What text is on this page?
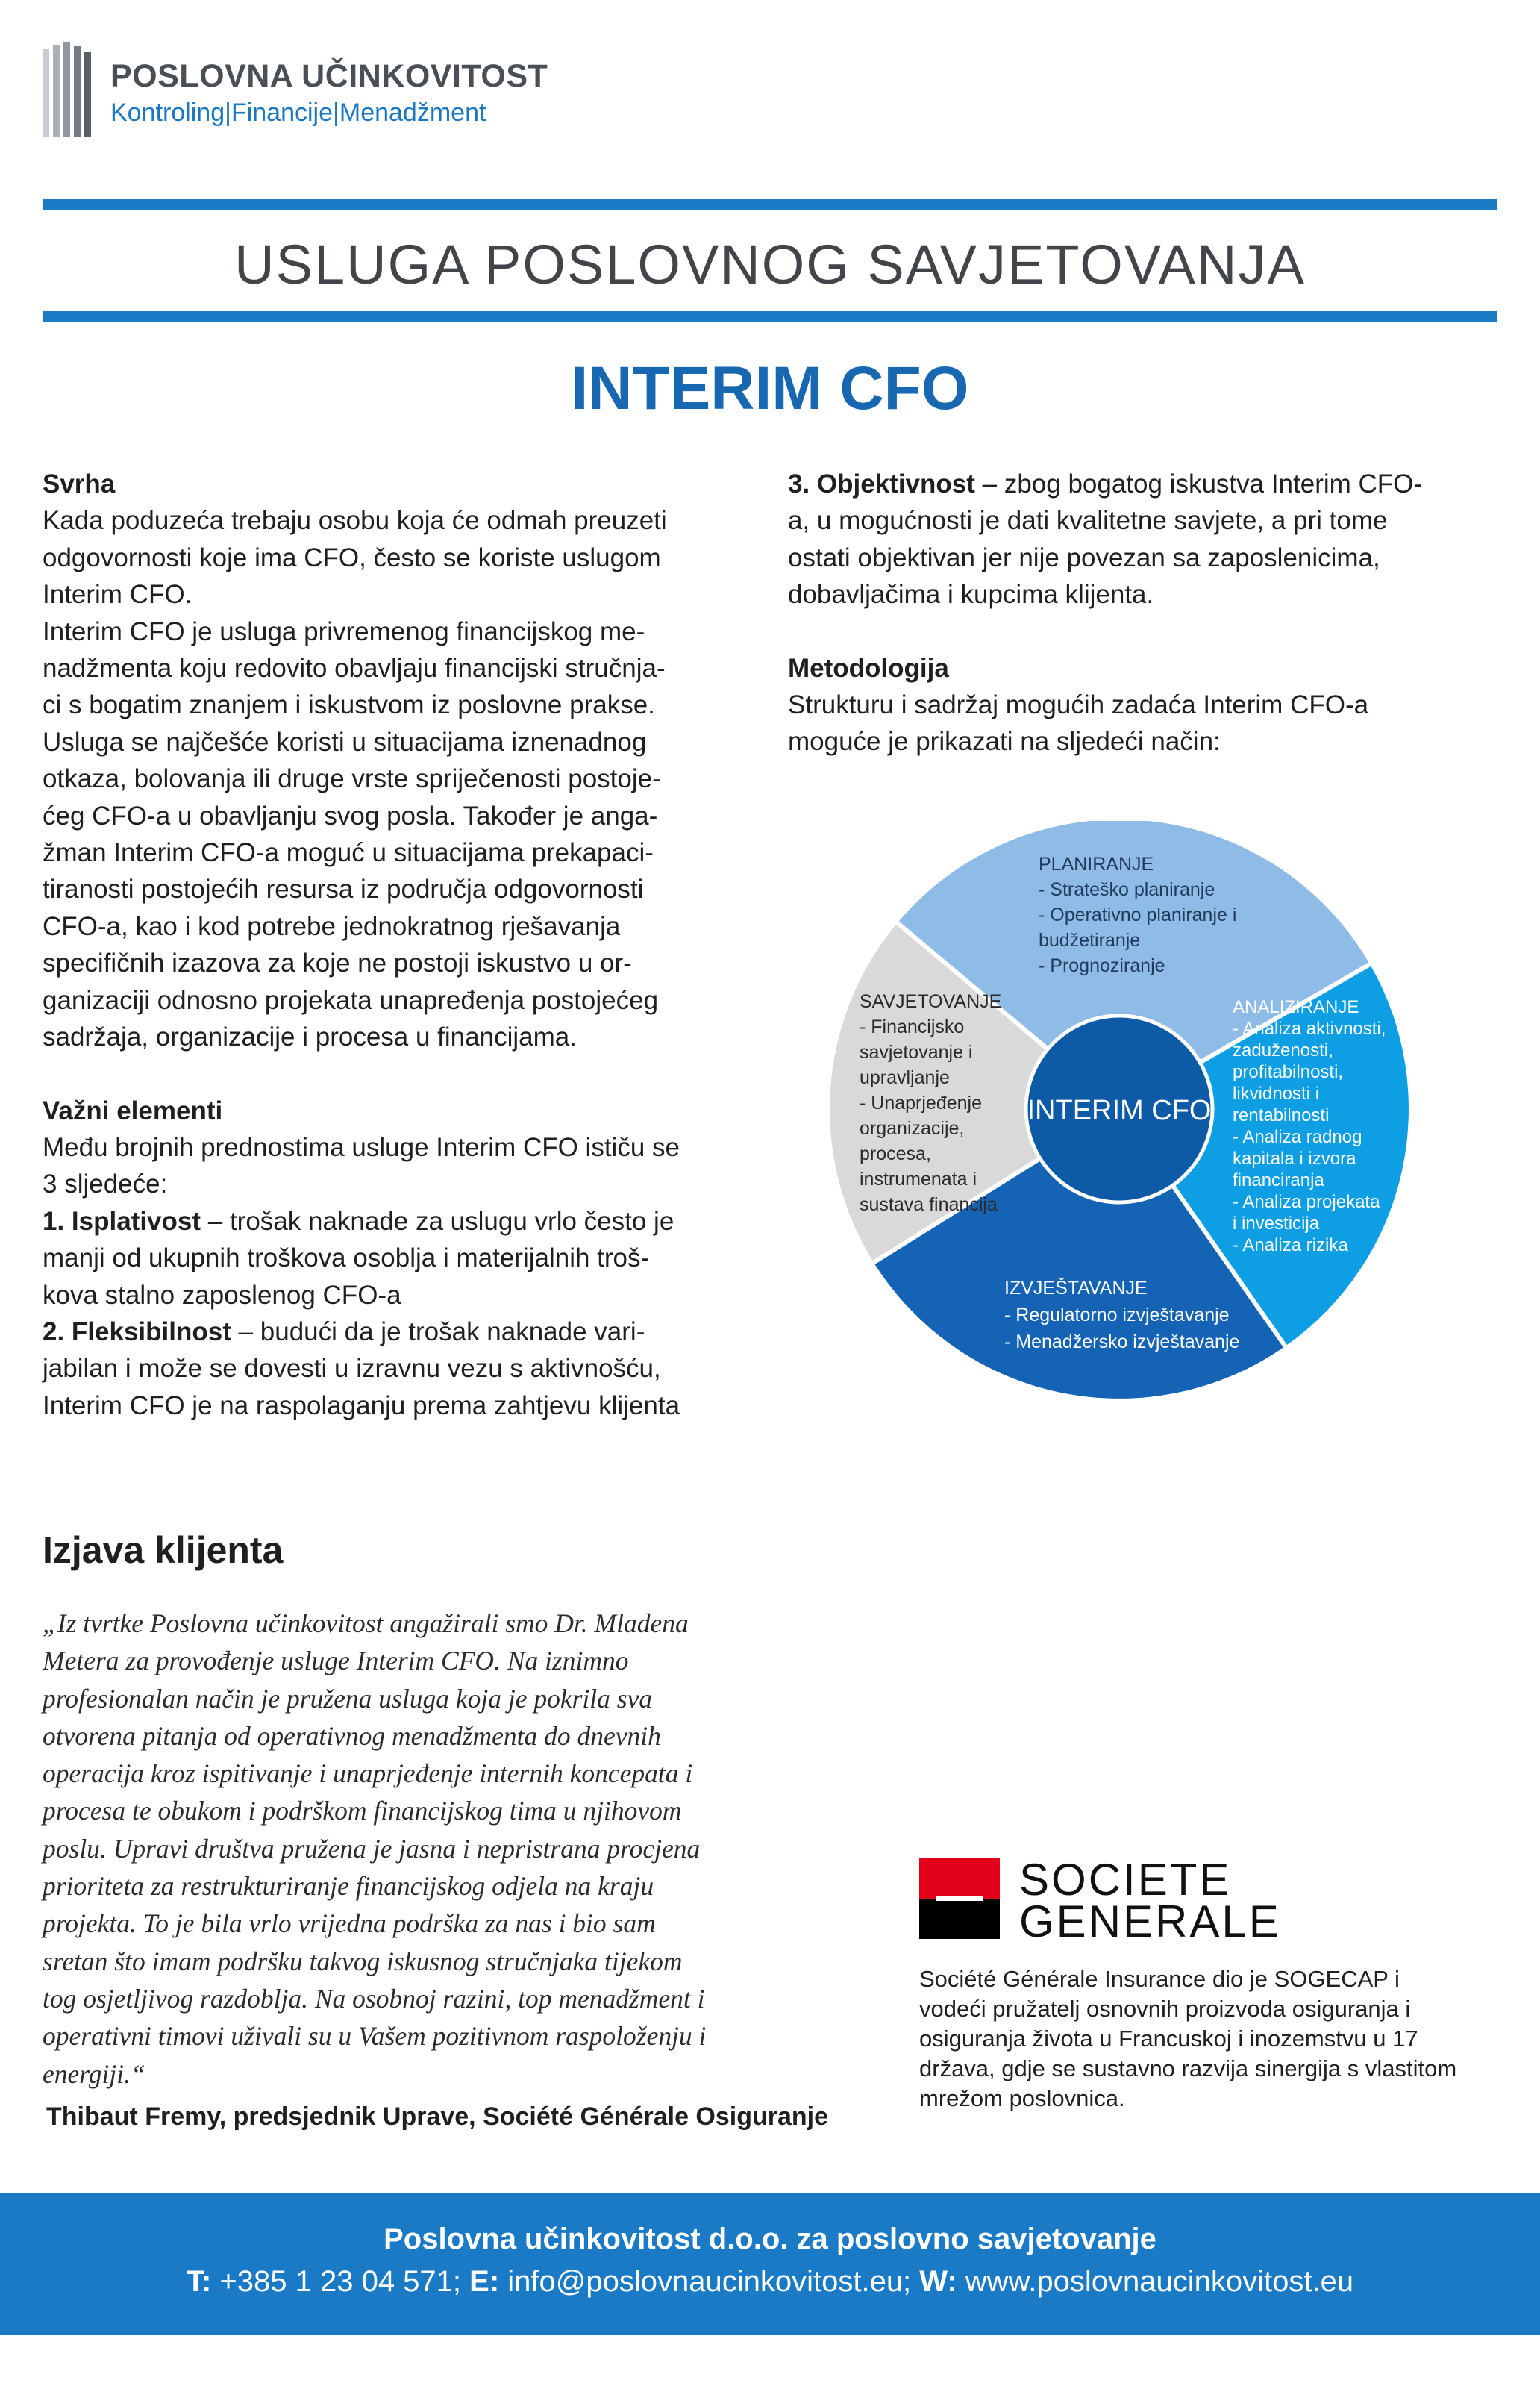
POSLOVNA UČINKOVITOST
Kontroling|Financije|Menadžment
USLUGA POSLOVNOG SAVJETOVANJA
INTERIM CFO
Svrha
Kada poduzeća trebaju osobu koja će odmah preuzeti
odgovornosti koje ima CFO, često se koriste uslugom
Interim CFO.
Interim CFO je usluga privremenog financijskog me-
nadžmenta koju redovito obavljaju financijski stručnja-
ci s bogatim znanjem i iskustvom iz poslovne prakse.
Usluga se najčešće koristi u situacijama iznenadnog
otkaza, bolovanja ili druge vrste spriječenosti postoje-
ćeg CFO-a u obavljanju svog posla. Također je anga-
žman Interim CFO-a moguć u situacijama prekapaci-
tiranosti postojećih resursa iz područja odgovornosti
CFO-a, kao i kod potrebe jednokratnog rješavanja
specifičnih izazova za koje ne postoji iskustvo u or-
ganizaciji odnosno projekata unapređenja postojećeg
sadržaja, organizacije i procesa u financijama.
Važni elementi
Među brojnih prednostima usluge Interim CFO ističu se
3 sljedeće:
1. Isplativost – trošak naknade za uslugu vrlo često je
manji od ukupnih troškova osoblja i materijalnih troš-
kova stalno zaposlenog CFO-a
2. Fleksibilnost – budući da je trošak naknade vari-
jabilan i može se dovesti u izravnu vezu s aktivnošću,
Interim CFO je na raspolaganju prema zahtjevu klijenta
3. Objektivnost – zbog bogatog iskustva Interim CFO-
a, u mogućnosti je dati kvalitetne savjete, a pri tome
ostati objektivan jer nije povezan sa zaposlenicima,
dobavljačima i kupcima klijenta.
Metodologija
Strukturu i sadržaj mogućih zadaća Interim CFO-a
moguće je prikazati na sljedeći način:
INTERIM CFO
PLANIRANJE
- Strateško planiranje
- Operativno planiranje i
budžetiranje
- Prognoziranje
ANALIZIRANJE
- Analiza aktivnosti,
zaduženosti,
profitabilnosti,
likvidnosti i
rentabilnosti
- Analiza radnog
kapitala i izvora
financiranja
- Analiza projekata
i investicija
- Analiza rizika
IZVJEŠTAVANJE
- Regulatorno izvještavanje
- Menadžersko izvještavanje
SAVJETOVANJE
- Financijsko
savjetovanje i
upravljanje
- Unaprjeđenje
organizacije,
procesa,
instrumenata i
sustava financija
Izjava klijenta
„Iz tvrtke Poslovna učinkovitost angažirali smo Dr. Mladena
Metera za provođenje usluge Interim CFO. Na iznimno
profesionalan način je pružena usluga koja je pokrila sva
otvorena pitanja od operativnog menadžmenta do dnevnih
operacija kroz ispitivanje i unaprjeđenje internih koncepata i
procesa te obukom i podrškom financijskog tima u njihovom
poslu. Upravi društva pružena je jasna i nepristrana procjena
prioriteta za restrukturiranje financijskog odjela na kraju
projekta. To je bila vrlo vrijedna podrška za nas i bio sam
sretan što imam podršku takvog iskusnog stručnjaka tijekom
tog osjetljivog razdoblja. Na osobnoj razini, top menadžment i
operativni timovi uživali su u Vašem pozitivnom raspoloženju i
energiji.“
Thibaut Fremy, predsjednik Uprave, Société Générale Osiguranje
SOCIETE
GENERALE
Société Générale Insurance dio je SOGECAP i
vodeći pružatelj osnovnih proizvoda osiguranja i
osiguranja života u Francuskoj i inozemstvu u 17
država, gdje se sustavno razvija sinergija s vlastitom
mrežom poslovnica.
Poslovna učinkovitost d.o.o. za poslovno savjetovanje
T: +385 1 23 04 571; E: info@poslovnaucinkovitost.eu; W: www.poslovnaucinkovitost.eu
